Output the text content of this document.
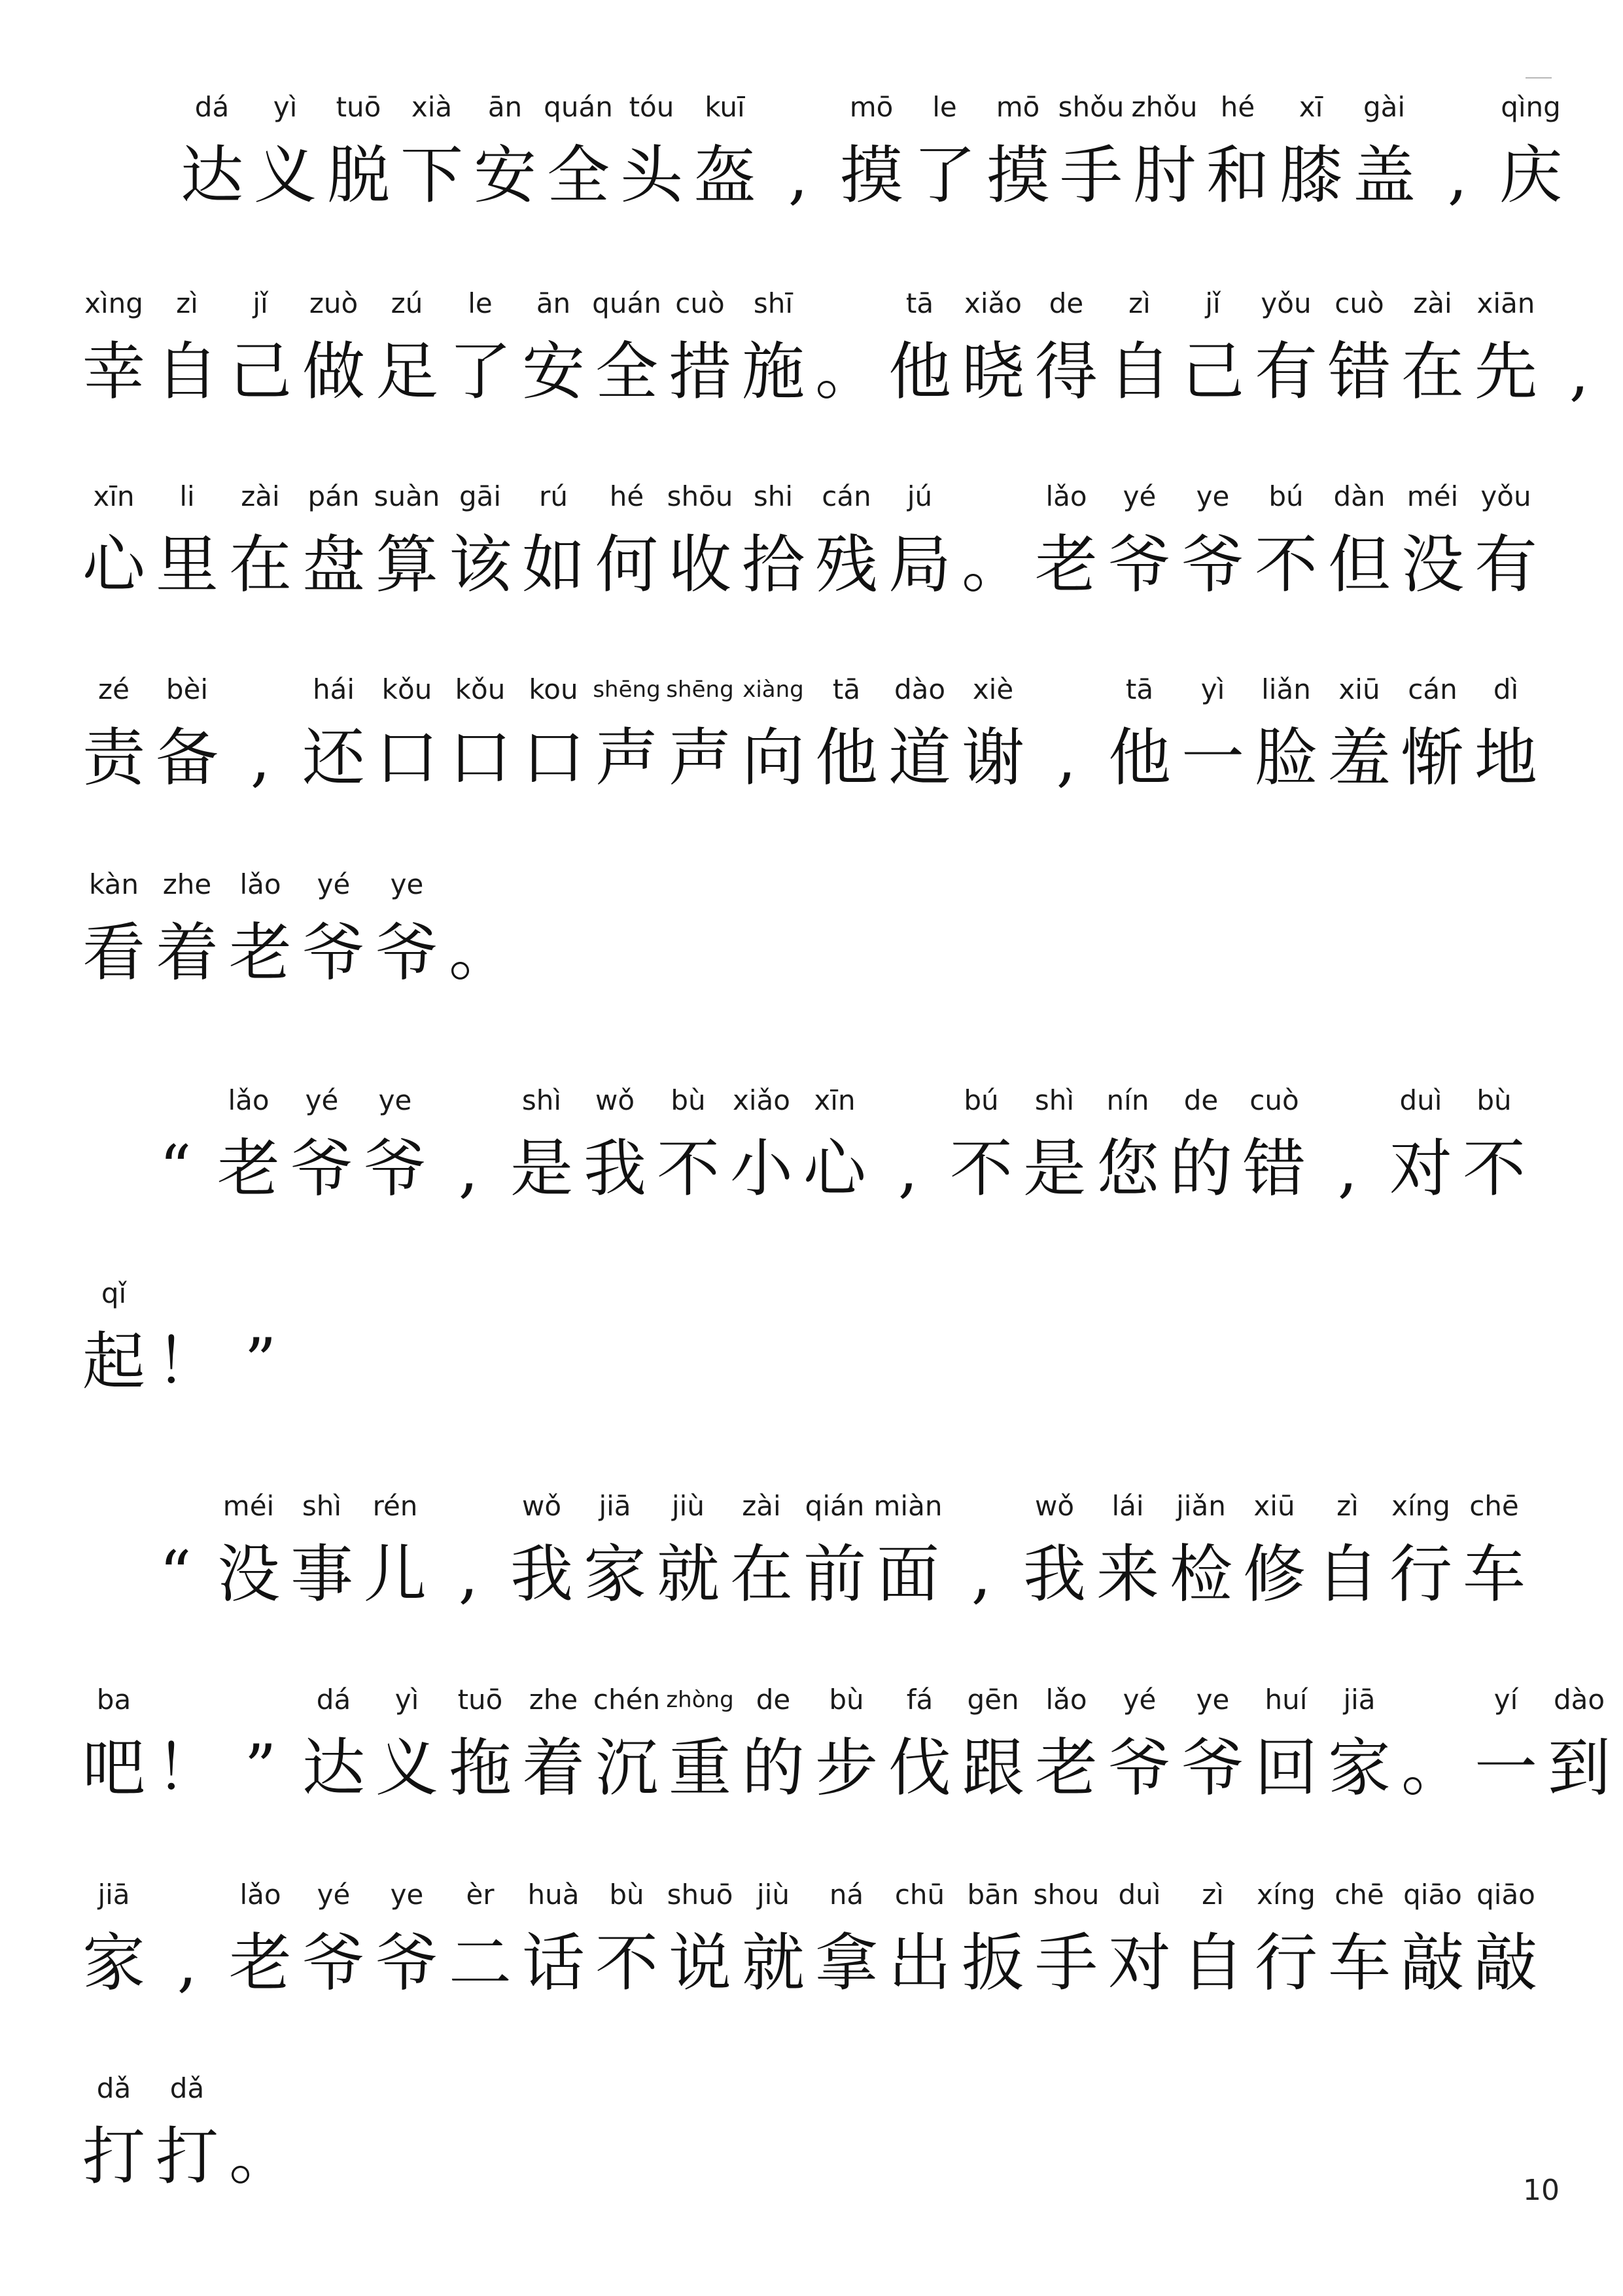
dá
达
yì
义
tuō
脱
xià
下
ān
安
quán
全
tóu
头
kuī
盔 ,
mō
摸
le
了
mō
摸
shǒu
手
zhǒu
肘
hé
和
xī
膝
gài
盖 ,
qìng
庆
xìng
幸
zì
自
jǐ
己
zuò
做
zú
足
le
了
ān
安
quán
全
cuò
措
shī
施 。
tā
他
xiǎo
晓
de
得
zì
自
jǐ
己
yǒu
有
cuò
错
zài
在
xiān
先 ,
xīn
心
li
里
zài
在
pán
盘
suàn
算
gāi
该
rú
如
hé
何
shōu
收
shi
拾
cán
残
jú
局 。
lǎo
老
yé
爷
ye
爷
bú
不
dàn
但
méi
没
yǒu
有
zé
责
bèi
备 ,
hái
还
kǒu
口
kǒu
口
kou
口
shēng
声
shēng
声
xiàng
向
tā
他
dào
道
xiè
谢 ,
tā
他
yì
一
liǎn
脸
xiū
羞
cán
惭
dì
地
kàn
看
zhe
着
lǎo
老
yé
爷
ye
爷 。
“
lǎo
老
yé
爷
ye
爷 ,
shì
是
wǒ
我
bù
不
xiǎo
小
xīn
心 ,
bú
不
shì
是
nín
您
de
的
cuò
错 ,
duì
对
bù
不
qǐ
起 ！ ”
“
méi
没
shì
事
rén
儿 ,
wǒ
我
jiā
家
jiù
就
zài
在
qián
前
miàn
面 ,
wǒ
我
lái
来
jiǎn
检
xiū
修
zì
自
xíng
行
chē
车
ba
吧 ！ ”
dá
达
yì
义
tuō
拖
zhe
着
chén
沉
zhòng
重
de
的
bù
步
fá
伐
gēn
跟
lǎo
老
yé
爷
ye
爷
huí
回
jiā
家 。
yí
一
dào
到
jiā
家 ,
lǎo
老
yé
爷
ye
爷
èr
二
huà
话
bù
不
shuō
说
jiù
就
ná
拿
chū
出
bān
扳
shou
手
duì
对
zì
自
xíng
行
chē
车
qiāo
敲
qiāo
敲
dǎ
打
dǎ
打 。	10
